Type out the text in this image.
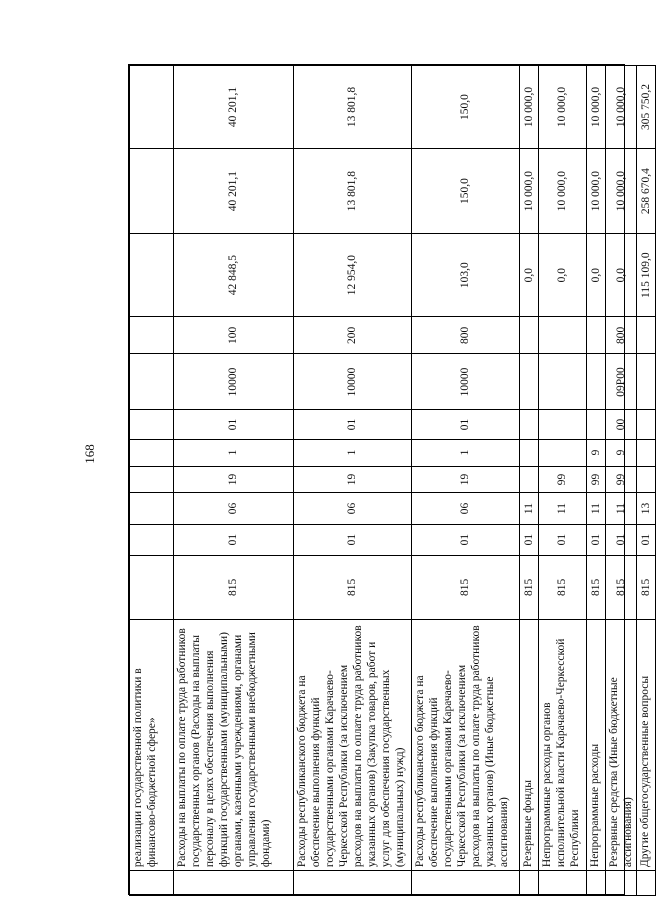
168
	реализации государственной политики в финансово-бюджетной сфере»											
	Расходы на выплаты по оплате труда работников государственных органов (Расходы на выплаты персоналу в целях обеспечения выполнения функций государственными (муниципальными) органами, казенными учреждениями, органами управления государственными внебюджетными фондами)	815	01	06	19	1	01	10000	100	42 848,5	40 201,1	40 201,1
	Расходы республиканского бюджета на обеспечение выполнения функций государственными органами Карачаево-Черкесской Республики (за исключением расходов на выплаты по оплате труда работников указанных органов) (Закупка товаров, работ и услуг для обеспечения государственных (муниципальных) нужд)	815	01	06	19	1	01	10000	200	12 954,0	13 801,8	13 801,8
	Расходы республиканского бюджета на обеспечение выполнения функций государственными органами Карачаево-Черкесской Республики (за исключением расходов на выплаты по оплате труда работников указанных органов) (Иные бюджетные ассигнования)	815	01	06	19	1	01	10000	800	103,0	150,0	150,0
	Резервные фонды	815	01	11						0,0	10 000,0	10 000,0
	Непрограммные расходы органов исполнительной власти Карачаево-Черкесской Республики	815	01	11	99					0,0	10 000,0	10 000,0
	Непрограммные расходы	815	01	11	99	9				0,0	10 000,0	10 000,0
	Резервные средства (Иные бюджетные ассигнования)	815	01	11	99	9	00	09Р00	800	0,0	10 000,0	10 000,0
	Другие общегосударственные вопросы	815	01	13						115 109,0	258 670,4	305 750,2
